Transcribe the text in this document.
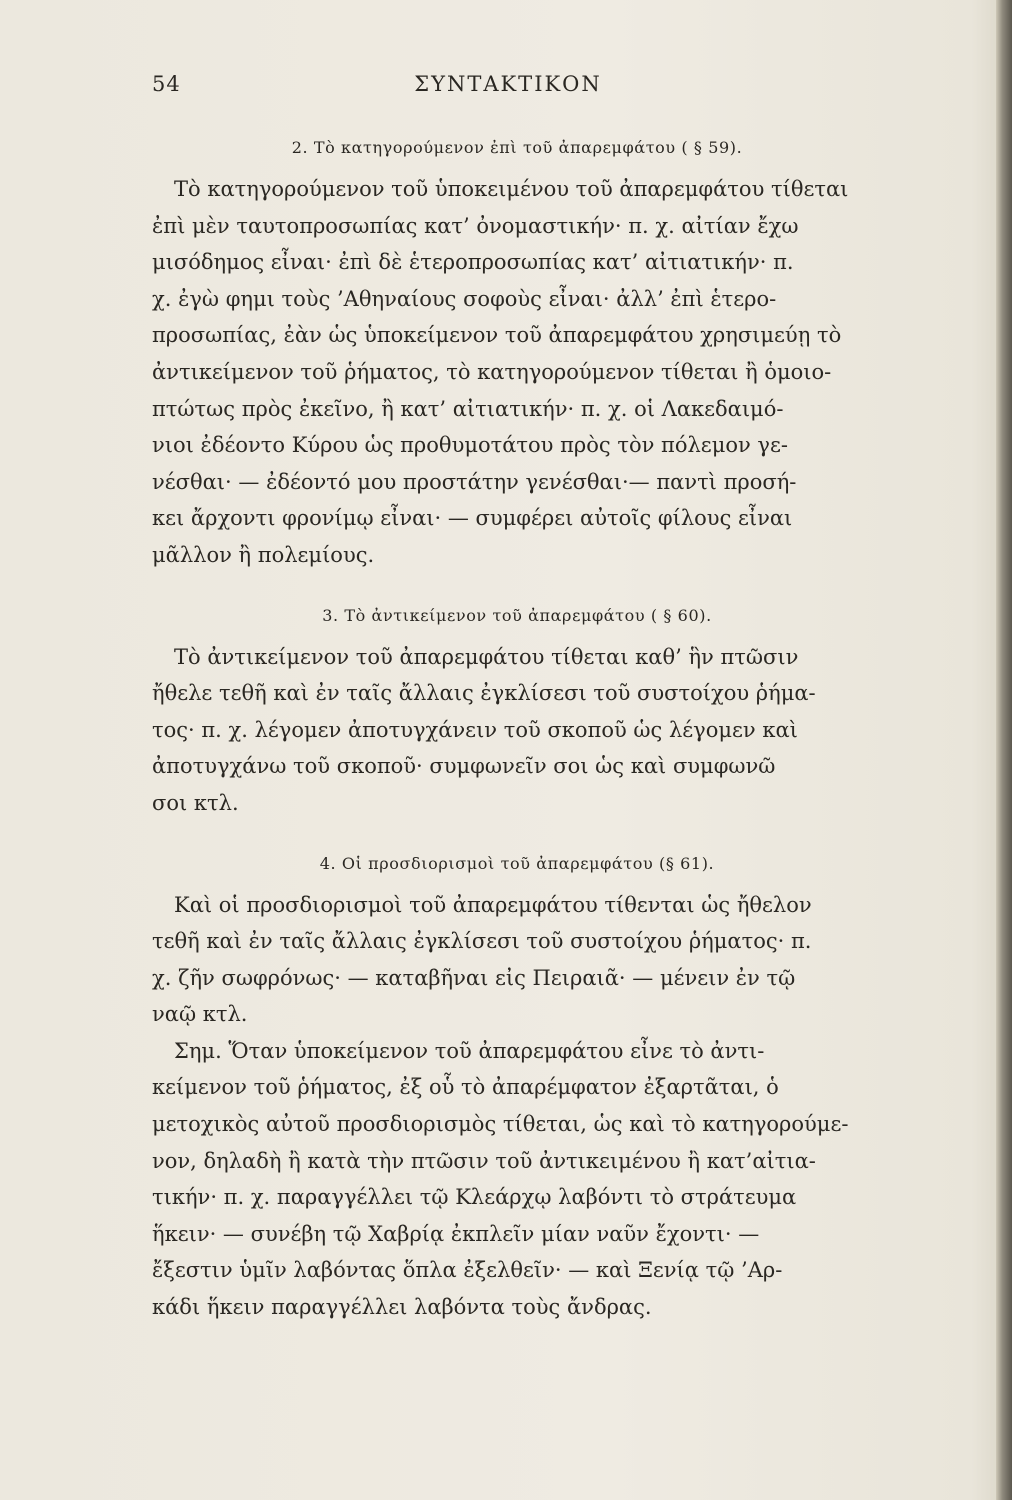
54	ΣΥΝΤΑΚΤΙΚΟΝ
2. Τὸ κατηγορούμενον ἐπὶ τοῦ ἀπαρεμφάτου ( § 59).

Τὸ κατηγορούμενον τοῦ ὑποκειμένου τοῦ ἀπαρεμφάτου τίθεται
ἐπὶ μὲν ταυτοπροσωπίας κατ’ ὀνομαστικήν· π. χ. αἰτίαν ἔχω
μισόδημος εἶναι· ἐπὶ δὲ ἑτεροπροσωπίας κατ’ αἰτιατικήν· π.
χ. ἐγὼ φημι τοὺς ’Αθηναίους σοφοὺς εἶναι· ἀλλ’ ἐπὶ ἑτερο-
προσωπίας, ἐὰν ὡς ὑποκείμενον τοῦ ἀπαρεμφάτου χρησιμεύῃ τὸ
ἀντικείμενον τοῦ ῥήματος, τὸ κατηγορούμενον τίθεται ἢ ὁμοιο-
πτώτως πρὸς ἐκεῖνο, ἢ κατ’ αἰτιατικήν· π. χ. οἱ Λακεδαιμό-
νιοι ἐδέοντο Κύρου ὡς προθυμοτάτου πρὸς τὸν πόλεμον γε-
νέσθαι· — ἐδέοντό μου προστάτην γενέσθαι·— παντὶ προσή-
κει ἄρχοντι φρονίμῳ εἶναι· — συμφέρει αὐτοῖς φίλους εἶναι
μᾶλλον ἢ πολεμίους.

3. Τὸ ἀντικείμενον τοῦ ἀπαρεμφάτου ( § 60).

Τὸ ἀντικείμενον τοῦ ἀπαρεμφάτου τίθεται καθ’ ἣν πτῶσιν
ἤθελε τεθῆ καὶ ἐν ταῖς ἄλλαις ἐγκλίσεσι τοῦ συστοίχου ῥήμα-
τος· π. χ. λέγομεν ἀποτυγχάνειν τοῦ σκοποῦ ὡς λέγομεν καὶ
ἀποτυγχάνω τοῦ σκοποῦ· συμφωνεῖν σοι ὡς καὶ συμφωνῶ
σοι κτλ.

4. Οἱ προσδιορισμοὶ τοῦ ἀπαρεμφάτου (§ 61).

Καὶ οἱ προσδιορισμοὶ τοῦ ἀπαρεμφάτου τίθενται ὡς ἤθελον
τεθῆ καὶ ἐν ταῖς ἄλλαις ἐγκλίσεσι τοῦ συστοίχου ῥήματος· π.
χ. ζῆν σωφρόνως· — καταβῆναι εἰς Πειραιᾶ· — μένειν ἐν τῷ
ναῷ κτλ.

Σημ. Ὅταν ὑποκείμενον τοῦ ἀπαρεμφάτου εἶνε τὸ ἀντι-
κείμενον τοῦ ῥήματος, ἐξ οὗ τὸ ἀπαρέμφατον ἐξαρτᾶται, ὁ
μετοχικὸς αὐτοῦ προσδιορισμὸς τίθεται, ὡς καὶ τὸ κατηγορούμε-
νον, δηλαδὴ ἢ κατὰ τὴν πτῶσιν τοῦ ἀντικειμένου ἢ κατ’αἰτια-
τικήν· π. χ. παραγγέλλει τῷ Κλεάρχῳ λαβόντι τὸ στράτευμα
ἥκειν· — συνέβη τῷ Χαβρίᾳ ἐκπλεῖν μίαν ναῦν ἔχοντι· —
ἔξεστιν ὑμῖν λαβόντας ὅπλα ἐξελθεῖν· — καὶ Ξενίᾳ τῷ ’Αρ-
κάδι ἥκειν παραγγέλλει λαβόντα τοὺς ἄνδρας.
